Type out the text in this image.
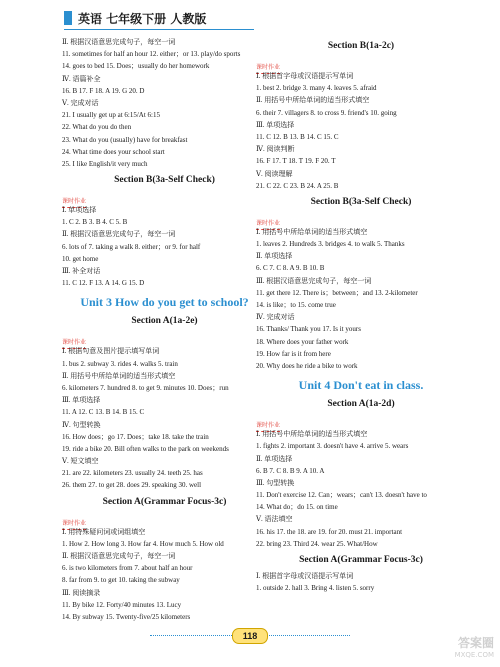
英语 七年级下册 人教版
Ⅱ. 根据汉语意思完成句子，每空一词
11. sometimes for half an hour 12. either；or 13. play/do sports
14. goes to bed 15. Does；usually do her homework
Ⅳ. 语篇补全
16. B 17. F 18. A 19. G 20. D
Ⅴ. 完成对话
21. I usually get up at 6:15/At 6:15
22. What do you do then
23. What do you (usually) have for breakfast
24. What time does your school start
25. I like English/it very much
Section B(3a-Self Check)
课时作业
Ⅰ. 单项选择
1. C 2. B 3. B 4. C 5. B
Ⅱ. 根据汉语意思完成句子，每空一词
6. lots of 7. taking a walk 8. either；or 9. for half
10. get home
Ⅲ. 补全对话
11. C 12. F 13. A 14. G 15. D
Unit 3 How do you get to school?
Section A(1a-2e)
课时作业
Ⅰ. 根据句意及图片提示填写单词
1. bus 2. subway 3. rides 4. walks 5. train
Ⅱ. 用括号中所给单词的适当形式填空
6. kilometers 7. hundred 8. to get 9. minutes 10. Does；run
Ⅲ. 单项选择
11. A 12. C 13. B 14. B 15. C
Ⅳ. 句型转换
16. How does；go 17. Does；take 18. take the train
19. ride a bike 20. Bill often walks to the park on weekends
Ⅴ. 短文填空
21. are 22. kilometers 23. usually 24. teeth 25. has
26. them 27. to get 28. does 29. speaking 30. well
Section A(Grammar Focus-3c)
课时作业
Ⅰ. 用特殊疑问词或词组填空
1. How 2. How long 3. How far 4. How much 5. How old
Ⅱ. 根据汉语意思完成句子，每空一词
6. is two kilometers from 7. about half an hour
8. far from 9. to get 10. taking the subway
Ⅲ. 阅读摘录
11. By bike 12. Forty/40 minutes 13. Lucy
14. By subway 15. Twenty-five/25 kilometers
Section B(1a-2c)
课时作业
Ⅰ. 根据首字母或汉语提示写单词
1. best 2. bridge 3. many 4. leaves 5. afraid
Ⅱ. 用括号中所给单词的适当形式填空
6. their 7. villagers 8. to cross 9. friend's 10. going
Ⅲ. 单项选择
11. C 12. B 13. B 14. C 15. C
Ⅳ. 阅读判断
16. F 17. T 18. T 19. F 20. T
Ⅴ. 阅读理解
21. C 22. C 23. B 24. A 25. B
Section B(3a-Self Check)
课时作业
Ⅰ. 用括号中所给单词的适当形式填空
1. leaves 2. Hundreds 3. bridges 4. to walk 5. Thanks
Ⅱ. 单项选择
6. C 7. C 8. A 9. B 10. B
Ⅲ. 根据汉语意思完成句子，每空一词
11. get there 12. There is；between；and 13. 2-kilometer
14. is like；to 15. come true
Ⅳ. 完成对话
16. Thanks/ Thank you 17. Is it yours
18. Where does your father work
19. How far is it from here
20. Why does he ride a bike to work
Unit 4 Don't eat in class.
Section A(1a-2d)
课时作业
Ⅰ. 用括号中所给单词的适当形式填空
1. fights 2. important 3. doesn't have 4. arrive 5. wears
Ⅱ. 单项选择
6. B 7. C 8. B 9. A 10. A
Ⅲ. 句型转换
11. Don't exercise 12. Can；wears；can't 13. doesn't have to
14. What do；do 15. on time
Ⅴ. 语法填空
16. his 17. the 18. are 19. for 20. must 21. important
22. bring 23. Third 24. wear 25. What/How
Section A(Grammar Focus-3c)
Ⅰ. 根据首字母或汉语提示写单词
1. outside 2. hall 3. Bring 4. listen 5. sorry
118	答案圈
MXQE.COM
